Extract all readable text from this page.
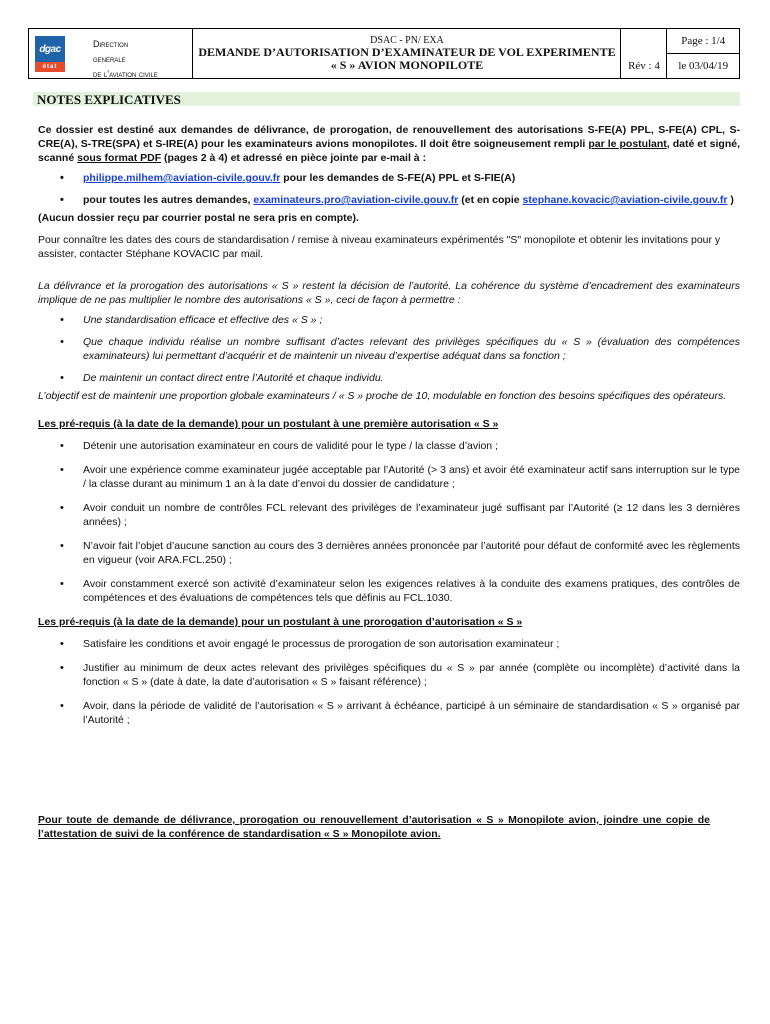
dgac
état
Direction
generale
de l’aviation civile

DSAC - PN/ EXA
DEMANDE D’AUTORISATION D’EXAMINATEUR DE VOL EXPERIMENTE
« S » AVION MONOPILOTE	Rév : 4

Page : 1/4
le 03/04/19
NOTES EXPLICATIVES

Ce dossier est destiné aux demandes de délivrance, de prorogation, de renouvellement des autorisations S-FE(A) PPL, S-FE(A) CPL, S-CRE(A), S-TRE(SPA) et S-IRE(A) pour les examinateurs avions monopilotes. Il doit être soigneusement rempli par le postulant, daté et signé, scanné sous format PDF (pages 2 à 4) et adressé en pièce jointe par e-mail à :

• philippe.milhem@aviation-civile.gouv.fr pour les demandes de S-FE(A) PPL et S-FIE(A)
• pour toutes les autres demandes, examinateurs.pro@aviation-civile.gouv.fr (et en copie stephane.kovacic@aviation-civile.gouv.fr )

(Aucun dossier reçu par courrier postal ne sera pris en compte).

Pour connaître les dates des cours de standardisation / remise à niveau examinateurs expérimentés "S" monopilote et obtenir les invitations pour y assister, contacter Stéphane KOVACIC par mail.

La délivrance et la prorogation des autorisations « S » restent la décision de l’autorité. La cohérence du système d’encadrement des examinateurs implique de ne pas multiplier le nombre des autorisations « S », ceci de façon à permettre :

• Une standardisation efficace et effective des « S » ;
• Que chaque individu réalise un nombre suffisant d’actes relevant des privilèges spécifiques du « S » (évaluation des compétences examinateurs) lui permettant d’acquérir et de maintenir un niveau d’expertise adéquat dans sa fonction ;
• De maintenir un contact direct entre l’Autorité et chaque individu.

L’objectif est de maintenir une proportion globale examinateurs / « S » proche de 10, modulable en fonction des besoins spécifiques des opérateurs.

Les pré-requis (à la date de la demande) pour un postulant à une première autorisation « S »

• Détenir une autorisation examinateur en cours de validité pour le type / la classe d’avion ;
• Avoir une expérience comme examinateur jugée acceptable par l’Autorité (> 3 ans) et avoir été examinateur actif sans interruption sur le type / la classe durant au minimum 1 an à la date d’envoi du dossier de candidature ;
• Avoir conduit un nombre de contrôles FCL relevant des privilèges de l’examinateur jugé suffisant par l’Autorité (≥ 12 dans les 3 dernières années) ;
• N’avoir fait l’objet d’aucune sanction au cours des 3 dernières années prononcée par l’autorité pour défaut de conformité avec les règlements en vigueur (voir ARA.FCL.250) ;
• Avoir constamment exercé son activité d’examinateur selon les exigences relatives à la conduite des examens pratiques, des contrôles de compétences et des évaluations de compétences tels que définis au FCL.1030.

Les pré-requis (à la date de la demande) pour un postulant à une prorogation d’autorisation « S »

• Satisfaire les conditions et avoir engagé le processus de prorogation de son autorisation examinateur ;
• Justifier au minimum de deux actes relevant des privilèges spécifiques du « S » par année (complète ou incomplète) d’activité dans la fonction « S » (date à date, la date d’autorisation « S » faisant référence) ;
• Avoir, dans la période de validité de l’autorisation « S » arrivant à échéance, participé à un séminaire de standardisation « S » organisé par l’Autorité ;

Pour toute de demande de délivrance, prorogation ou renouvellement d’autorisation « S » Monopilote avion, joindre une copie de l’attestation de suivi de la conférence de standardisation « S » Monopilote avion.
